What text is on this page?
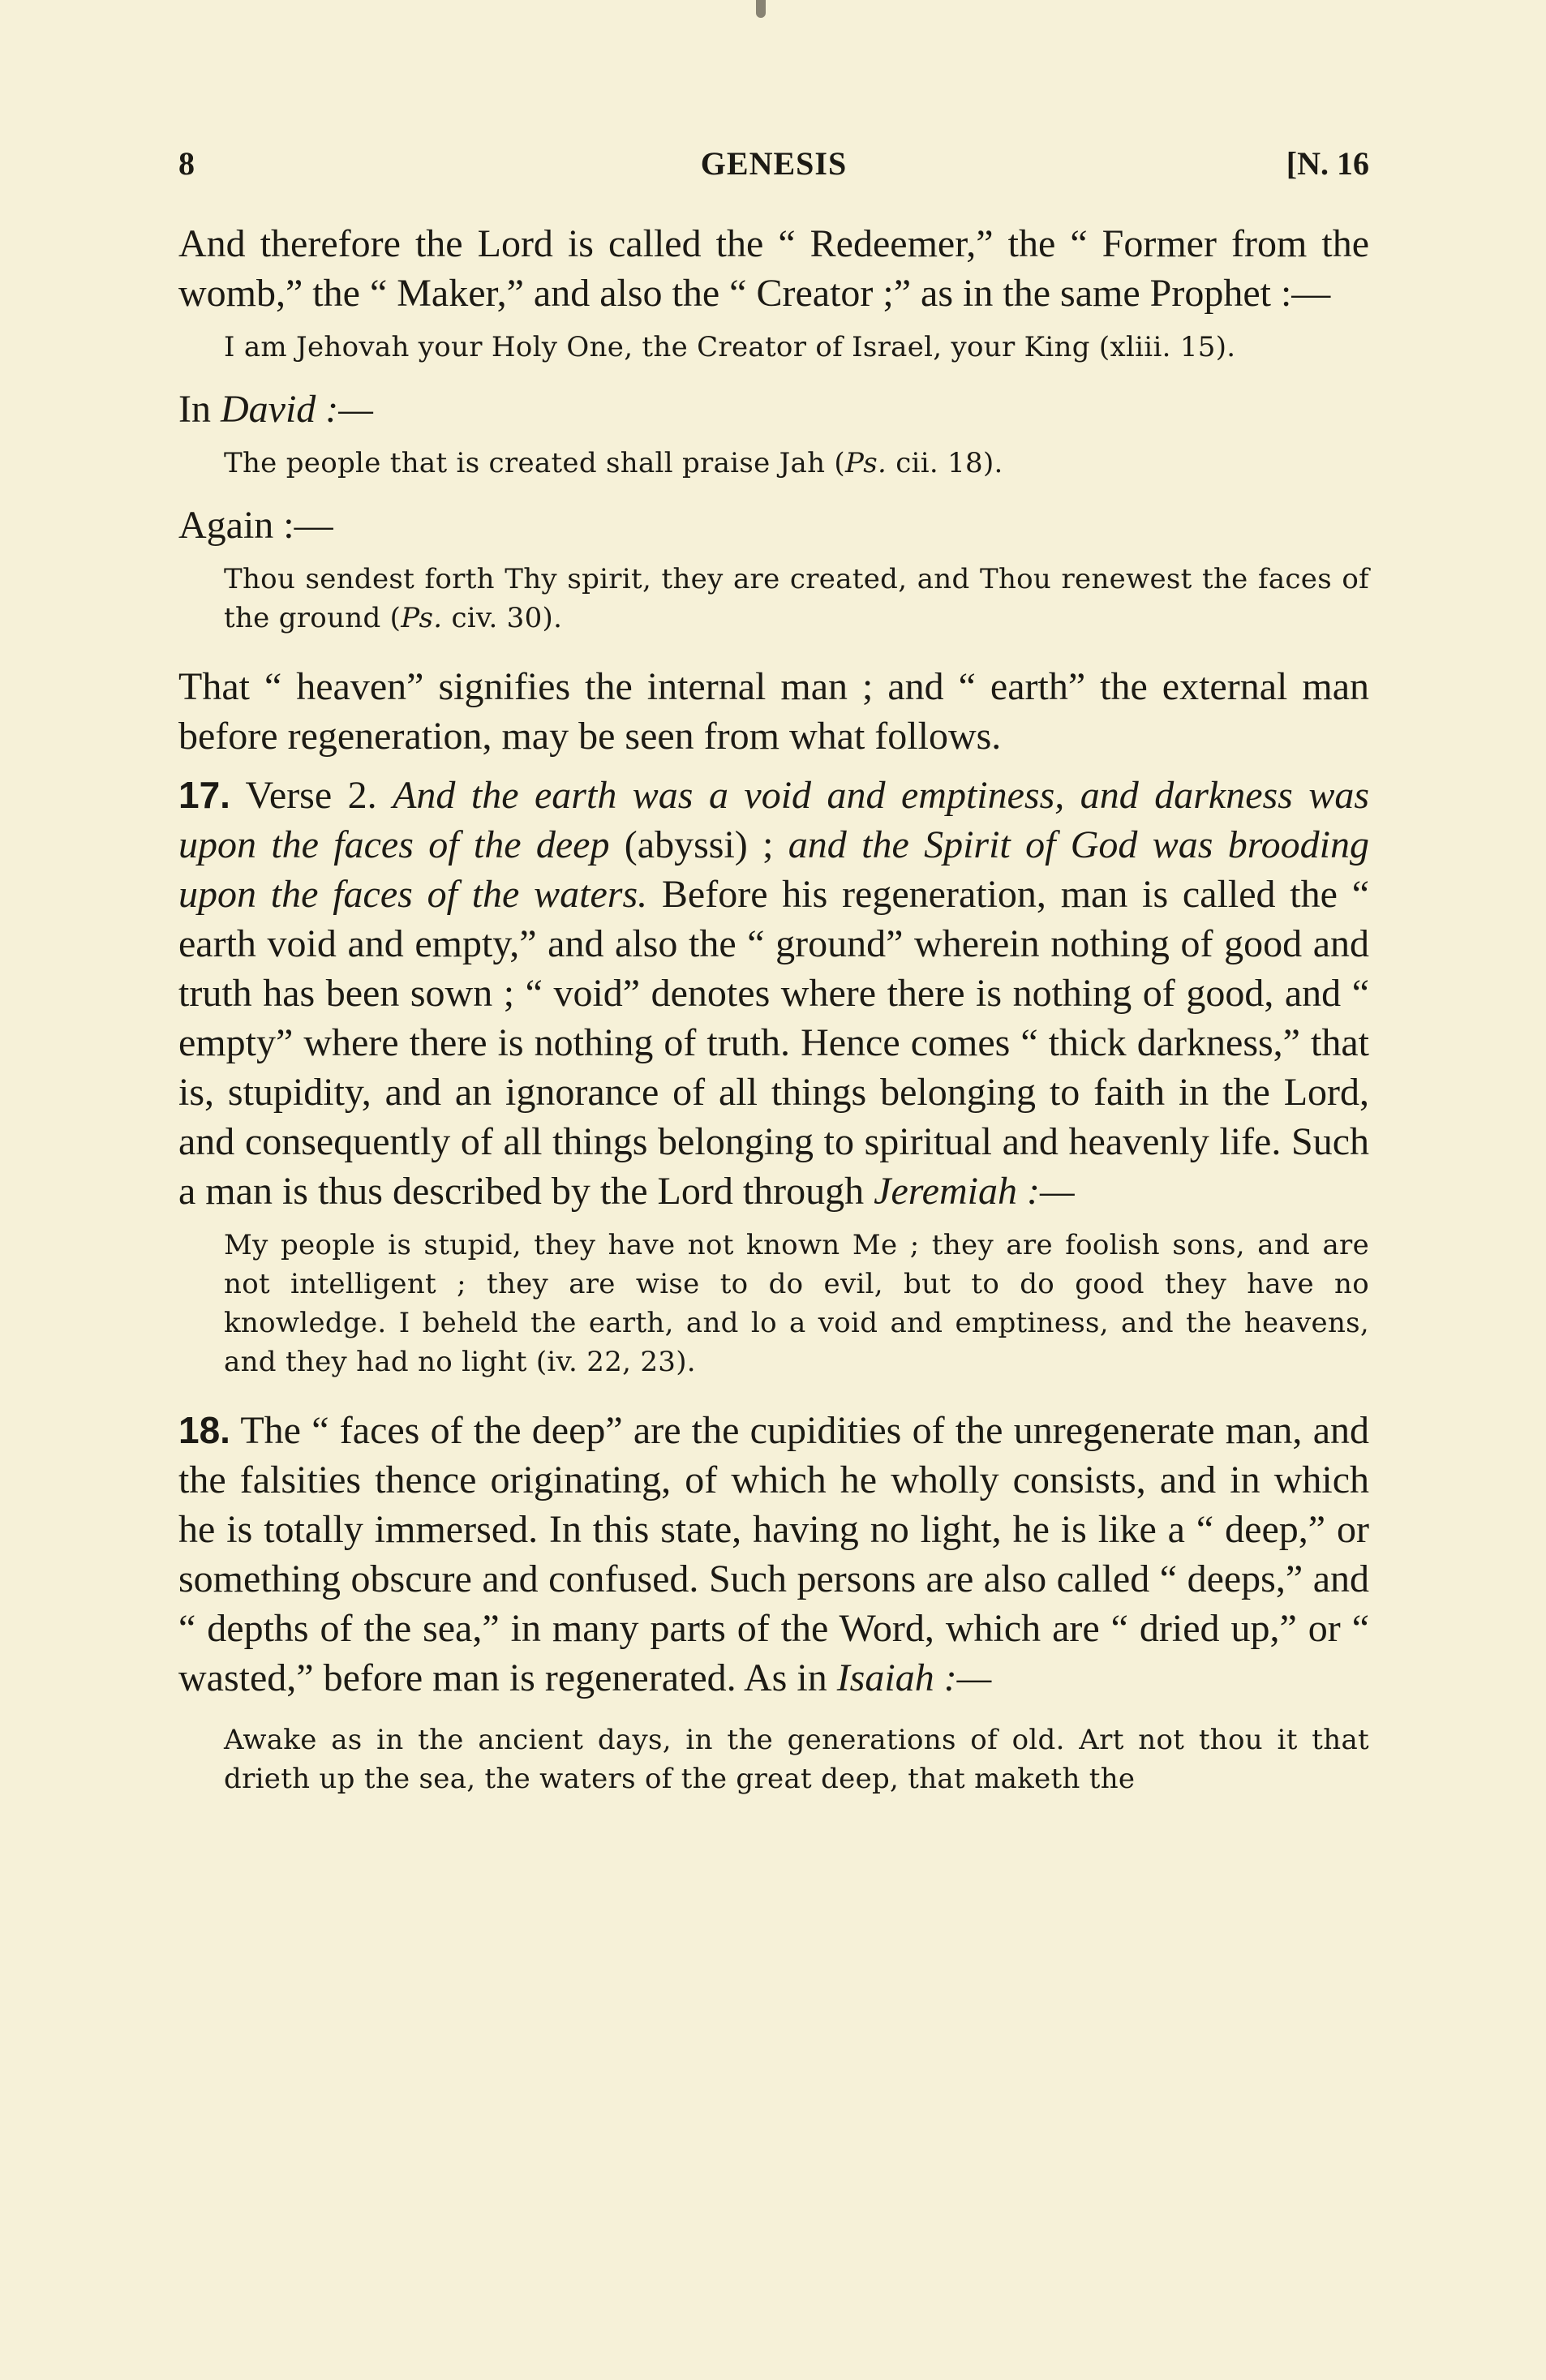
8	GENESIS	[N. 16

And therefore the Lord is called the “ Redeemer,” the “ Former from the womb,” the “ Maker,” and also the “ Creator ;” as in the same Prophet :—

I am Jehovah your Holy One, the Creator of Israel, your King (xliii. 15).

In David :—

The people that is created shall praise Jah (Ps. cii. 18).

Again :—

Thou sendest forth Thy spirit, they are created, and Thou renewest the faces of the ground (Ps. civ. 30).

That “ heaven” signifies the internal man ; and “ earth” the external man before regeneration, may be seen from what follows.

17. Verse 2. And the earth was a void and emptiness, and darkness was upon the faces of the deep (abyssi) ; and the Spirit of God was brooding upon the faces of the waters. Before his regeneration, man is called the “ earth void and empty,” and also the “ ground” wherein nothing of good and truth has been sown ; “ void” denotes where there is nothing of good, and “ empty” where there is nothing of truth. Hence comes “ thick darkness,” that is, stupidity, and an ignorance of all things belonging to faith in the Lord, and consequently of all things belonging to spiritual and heavenly life. Such a man is thus described by the Lord through Jeremiah :—

My people is stupid, they have not known Me ; they are foolish sons, and are not intelligent ; they are wise to do evil, but to do good they have no knowledge. I beheld the earth, and lo a void and emptiness, and the heavens, and they had no light (iv. 22, 23).

18. The “ faces of the deep” are the cupidities of the unregenerate man, and the falsities thence originating, of which he wholly consists, and in which he is totally immersed. In this state, having no light, he is like a “ deep,” or something obscure and confused. Such persons are also called “ deeps,” and “ depths of the sea,” in many parts of the Word, which are “ dried up,” or “ wasted,” before man is regenerated. As in Isaiah :—

Awake as in the ancient days, in the generations of old. Art not thou it that drieth up the sea, the waters of the great deep, that maketh the
